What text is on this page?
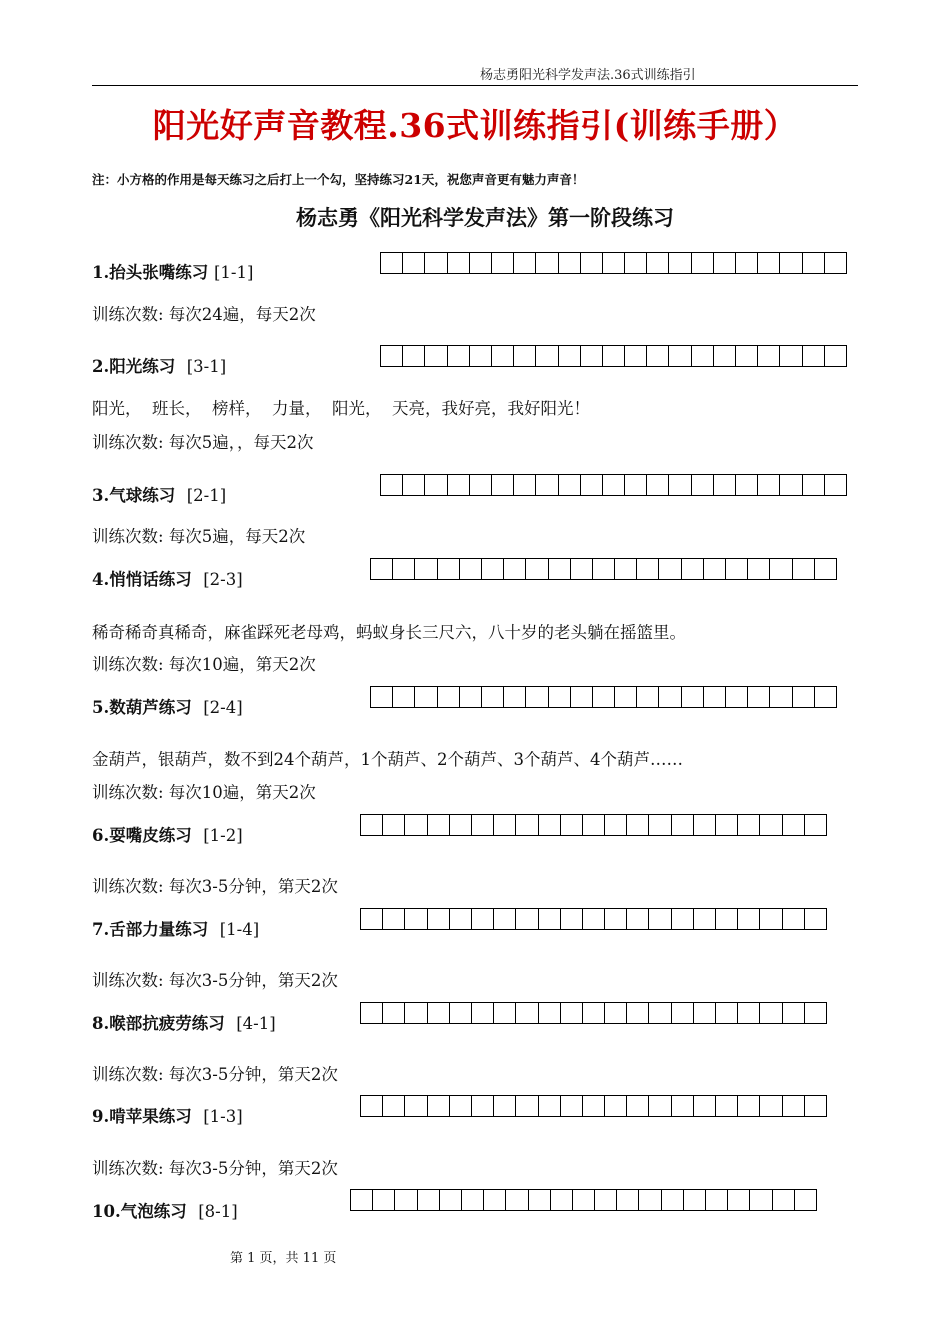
杨志勇阳光科学发声法.36式训练指引
阳光好声音教程.36式训练指引(训练手册）
注：小方格的作用是每天练习之后打上一个勾，坚持练习21天，祝您声音更有魅力声音！
杨志勇《阳光科学发声法》第一阶段练习
1.抬头张嘴练习 [1-1]
训练次数: 每次24遍，每天2次
2.阳光练习 [3-1]
阳光，  班长，  榜样，  力量，  阳光，  天亮，我好亮，我好阳光！
训练次数: 每次5遍，，每天2次
3.气球练习 [2-1]
训练次数: 每次5遍，每天2次
4.悄悄话练习 [2-3]
稀奇稀奇真稀奇，麻雀踩死老母鸡，蚂蚁身长三尺六，八十岁的老头躺在摇篮里。
训练次数: 每次10遍，第天2次
5.数葫芦练习 [2-4]
金葫芦，银葫芦，数不到24个葫芦，1个葫芦、2个葫芦、3个葫芦、4个葫芦……
训练次数: 每次10遍，第天2次
6.耍嘴皮练习 [1-2]
训练次数: 每次3-5分钟，第天2次
7.舌部力量练习 [1-4]
训练次数: 每次3-5分钟，第天2次
8.喉部抗疲劳练习 [4-1]
训练次数: 每次3-5分钟，第天2次
9.啃苹果练习 [1-3]
训练次数: 每次3-5分钟，第天2次
10.气泡练习 [8-1]
第 1 页，共 11 页
